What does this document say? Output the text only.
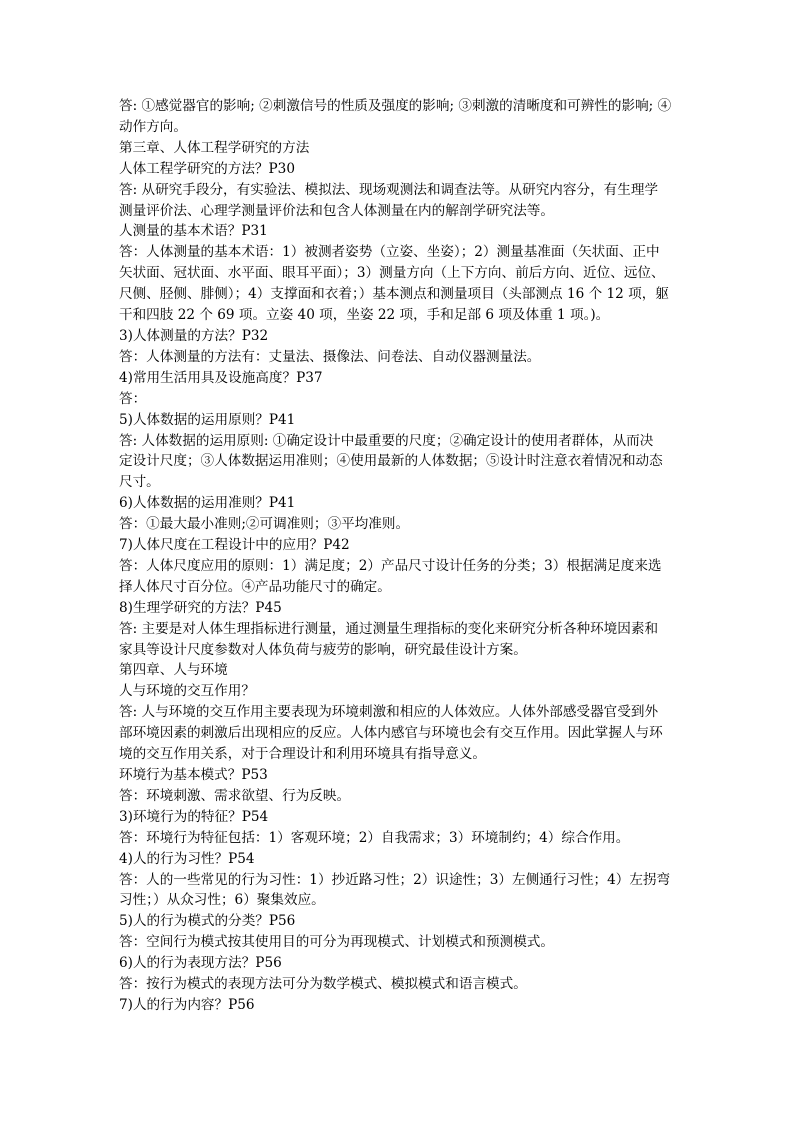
答: ①感觉器官的影响; ②刺激信号的性质及强度的影响; ③刺激的清晰度和可辨性的影响; ④
动作方向。
第三章、人体工程学研究的方法
人体工程学研究的方法？P30
答: 从研究手段分，有实验法、模拟法、现场观测法和调查法等。从研究内容分，有生理学
测量评价法、心理学测量评价法和包含人体测量在内的解剖学研究法等。
人测量的基本术语？P31
答：人体测量的基本术语：1）被测者姿势（立姿、坐姿）；2）测量基准面（矢状面、正中
矢状面、冠状面、水平面、眼耳平面）；3）测量方向（上下方向、前后方向、近位、远位、
尺侧、胫侧、腓侧）；4）支撑面和衣着；）基本测点和测量项目（头部测点 16 个 12 项，躯
干和四肢 22 个 69 项。立姿 40 项，坐姿 22 项，手和足部 6 项及体重 1 项。)。
3)人体测量的方法？P32
答：人体测量的方法有：丈量法、摄像法、问卷法、自动仪器测量法。
4)常用生活用具及设施高度？P37
答：
5)人体数据的运用原则？P41
答: 人体数据的运用原则: ①确定设计中最重要的尺度；②确定设计的使用者群体，从而决
定设计尺度；③人体数据运用准则；④使用最新的人体数据；⑤设计时注意衣着情况和动态
尺寸。
6)人体数据的运用准则？P41
答：①最大最小准则;②可调准则；③平均准则。
7)人体尺度在工程设计中的应用？P42
答：人体尺度应用的原则：1）满足度；2）产品尺寸设计任务的分类；3）根据满足度来选
择人体尺寸百分位。④产品功能尺寸的确定。
8)生理学研究的方法？P45
答: 主要是对人体生理指标进行测量，通过测量生理指标的变化来研究分析各种环境因素和
家具等设计尺度参数对人体负荷与疲劳的影响，研究最佳设计方案。
第四章、人与环境
人与环境的交互作用？
答: 人与环境的交互作用主要表现为环境刺激和相应的人体效应。人体外部感受器官受到外
部环境因素的刺激后出现相应的反应。人体内感官与环境也会有交互作用。因此掌握人与环
境的交互作用关系，对于合理设计和利用环境具有指导意义。
环境行为基本模式？P53
答：环境刺激、需求欲望、行为反映。
3)环境行为的特征？P54
答：环境行为特征包括：1）客观环境；2）自我需求；3）环境制约；4）综合作用。
4)人的行为习性？P54
答：人的一些常见的行为习性：1）抄近路习性；2）识途性；3）左侧通行习性；4）左拐弯
习性；）从众习性；6）聚集效应。
5)人的行为模式的分类？P56
答：空间行为模式按其使用目的可分为再现模式、计划模式和预测模式。
6)人的行为表现方法？P56
答：按行为模式的表现方法可分为数学模式、模拟模式和语言模式。
7)人的行为内容？P56
